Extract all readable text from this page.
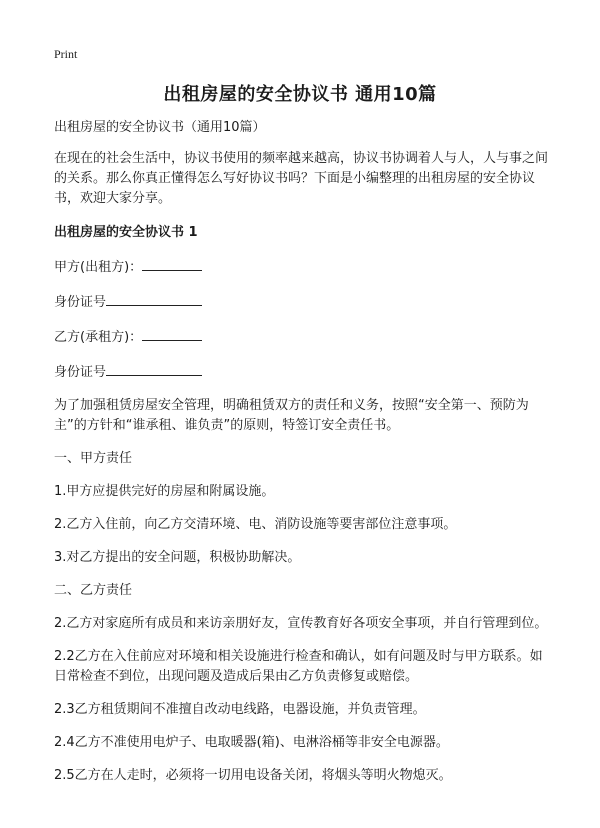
Print
出租房屋的安全协议书 通用10篇

出租房屋的安全协议书（通用10篇）

在现在的社会生活中，协议书使用的频率越来越高，协议书协调着人与人，人与事之间的关系。那么你真正懂得怎么写好协议书吗？下面是小编整理的出租房屋的安全协议书，欢迎大家分享。

出租房屋的安全协议书 1

甲方(出租方)：

身份证号

乙方(承租方)：

身份证号

为了加强租赁房屋安全管理，明确租赁双方的责任和义务，按照“安全第一、预防为主”的方针和“谁承租、谁负责”的原则，特签订安全责任书。

一、甲方责任

1.甲方应提供完好的房屋和附属设施。

2.乙方入住前，向乙方交清环境、电、消防设施等要害部位注意事项。

3.对乙方提出的安全问题，积极协助解决。

二、乙方责任

2.乙方对家庭所有成员和来访亲朋好友，宣传教育好各项安全事项，并自行管理到位。

2.2乙方在入住前应对环境和相关设施进行检查和确认，如有问题及时与甲方联系。如日常检查不到位，出现问题及造成后果由乙方负责修复或赔偿。

2.3乙方租赁期间不准擅自改动电线路，电器设施，并负责管理。

2.4乙方不准使用电炉子、电取暖器(箱)、电淋浴桶等非安全电源器。

2.5乙方在人走时，必须将一切用电设备关闭，将烟头等明火物熄灭。
